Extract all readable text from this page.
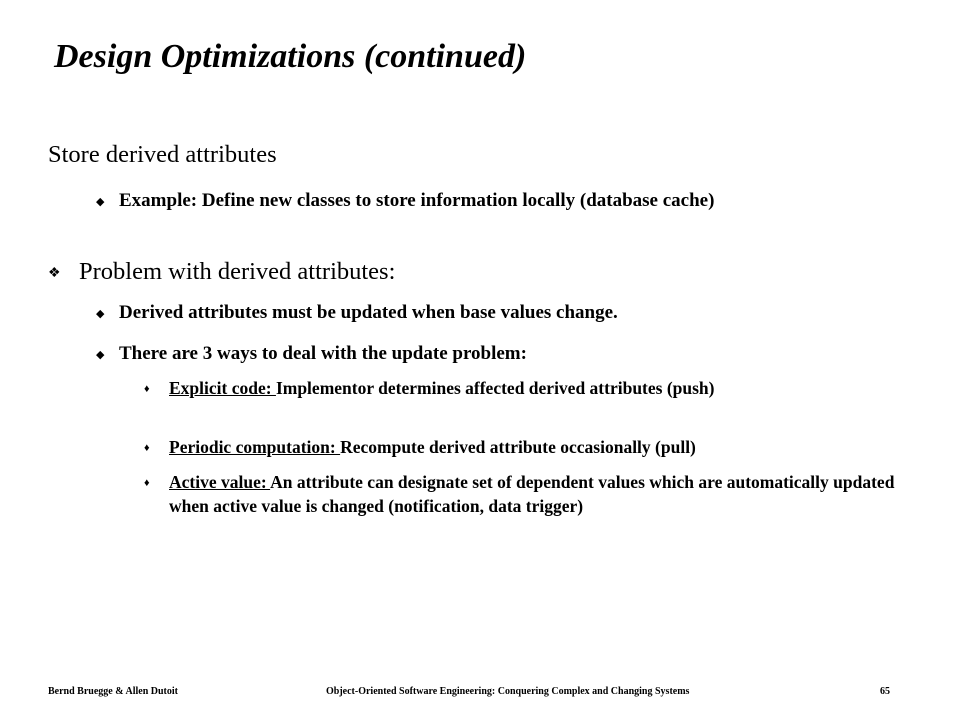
Design Optimizations (continued)
Store derived attributes
◆ Example: Define new classes to store information locally (database cache)
❖ Problem with derived attributes:
◆ Derived attributes must be updated when base values change.
◆ There are 3 ways to deal with the update problem:
♦ Explicit code: Implementor determines affected derived attributes (push)
♦ Periodic computation: Recompute derived attribute occasionally (pull)
♦ Active value: An attribute can designate set of dependent values which are automatically updated when active value is changed (notification, data trigger)
Bernd Bruegge & Allen Dutoit	Object-Oriented Software Engineering: Conquering Complex and Changing Systems	65
